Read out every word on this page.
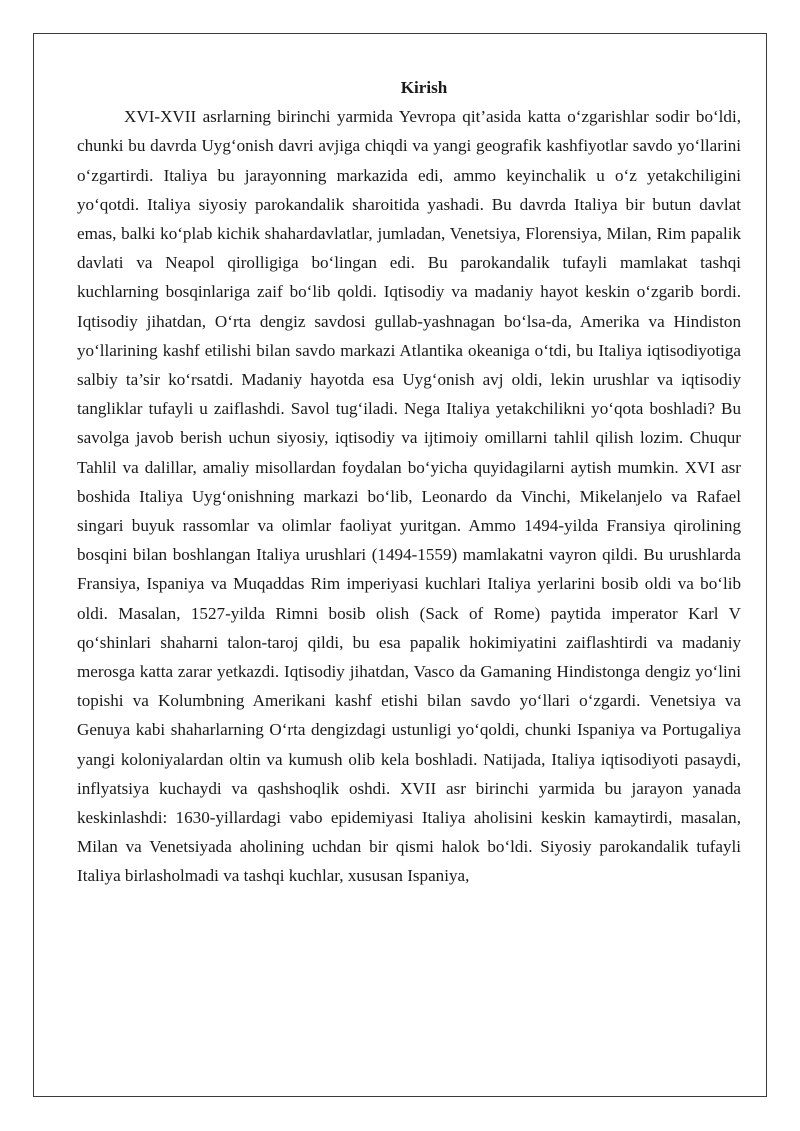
Kirish

XVI-XVII asrlarning birinchi yarmida Yevropa qit’asida katta o‘zgarishlar sodir bo‘ldi, chunki bu davrda Uyg‘onish davri avjiga chiqdi va yangi geografik kashfiyotlar savdo yo‘llarini o‘zgartirdi. Italiya bu jarayonning markazida edi, ammo keyinchalik u o‘z yetakchiligini yo‘qotdi. Italiya siyosiy parokandalik sharoitida yashadi. Bu davrda Italiya bir butun davlat emas, balki ko‘plab kichik shahardavlatlar, jumladan, Venetsiya, Florensiya, Milan, Rim papalik davlati va Neapol qirolligiga bo‘lingan edi. Bu parokandalik tufayli mamlakat tashqi kuchlarning bosqinlariga zaif bo‘lib qoldi. Iqtisodiy va madaniy hayot keskin o‘zgarib bordi. Iqtisodiy jihatdan, O‘rta dengiz savdosi gullab-yashnagan bo‘lsa-da, Amerika va Hindiston yo‘llarining kashf etilishi bilan savdo markazi Atlantika okeaniga o‘tdi, bu Italiya iqtisodiyotiga salbiy ta’sir ko‘rsatdi. Madaniy hayotda esa Uyg‘onish avj oldi, lekin urushlar va iqtisodiy tangliklar tufayli u zaiflashdi. Savol tug‘iladi. Nega Italiya yetakchilikni yo‘qota boshladi? Bu savolga javob berish uchun siyosiy, iqtisodiy va ijtimoiy omillarni tahlil qilish lozim. Chuqur Tahlil va dalillar, amaliy misollardan foydalan bo‘yicha quyidagilarni aytish mumkin. XVI asr boshida Italiya Uyg‘onishning markazi bo‘lib, Leonardo da Vinchi, Mikelanjelo va Rafael singari buyuk rassomlar va olimlar faoliyat yuritgan. Ammo 1494-yilda Fransiya qirolining bosqini bilan boshlangan Italiya urushlari (1494-1559) mamlakatni vayron qildi. Bu urushlarda Fransiya, Ispaniya va Muqaddas Rim imperiyasi kuchlari Italiya yerlarini bosib oldi va bo‘lib oldi. Masalan, 1527-yilda Rimni bosib olish (Sack of Rome) paytida imperator Karl V qo‘shinlari shaharni talon-taroj qildi, bu esa papalik hokimiyatini zaiflashtirdi va madaniy merosga katta zarar yetkazdi. Iqtisodiy jihatdan, Vasco da Gamaning Hindistonga dengiz yo‘lini topishi va Kolumbning Amerikani kashf etishi bilan savdo yo‘llari o‘zgardi. Venetsiya va Genuya kabi shaharlarning O‘rta dengizdagi ustunligi yo‘qoldi, chunki Ispaniya va Portugaliya yangi koloniyalardan oltin va kumush olib kela boshladi. Natijada, Italiya iqtisodiyoti pasaydi, inflyatsiya kuchaydi va qashshoqlik oshdi. XVII asr birinchi yarmida bu jarayon yanada keskinlashdi: 1630-yillardagi vabo epidemiyasi Italiya aholisini keskin kamaytirdi, masalan, Milan va Venetsiyada aholining uchdan bir qismi halok bo‘ldi. Siyosiy parokandalik tufayli Italiya birlasholmadi va tashqi kuchlar, xususan Ispaniya,
